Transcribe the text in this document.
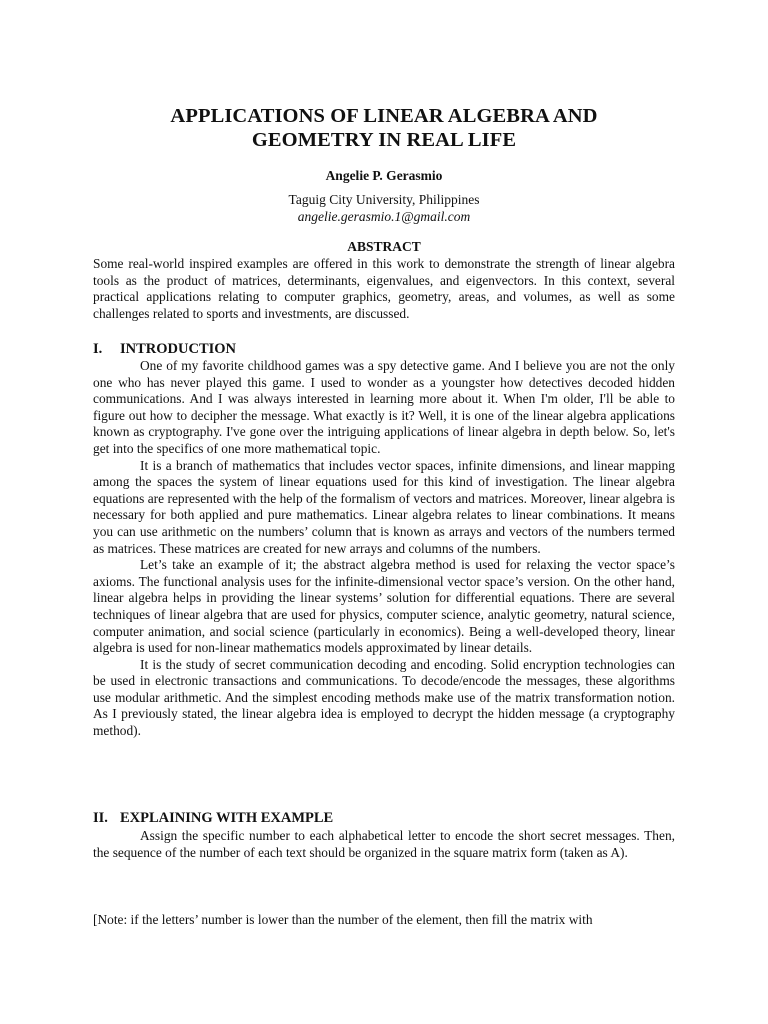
APPLICATIONS OF LINEAR ALGEBRA AND
GEOMETRY IN REAL LIFE
Angelie P. Gerasmio
Taguig City University, Philippines
angelie.gerasmio.1@gmail.com
ABSTRACT

Some real-world inspired examples are offered in this work to demonstrate the strength of linear algebra tools as the product of matrices, determinants, eigenvalues, and eigenvectors. In this context, several practical applications relating to computer graphics, geometry, areas, and volumes, as well as some challenges related to sports and investments, are discussed.

I. INTRODUCTION

One of my favorite childhood games was a spy detective game. And I believe you are not the only one who has never played this game. I used to wonder as a youngster how detectives decoded hidden communications. And I was always interested in learning more about it. When I'm older, I'll be able to figure out how to decipher the message. What exactly is it? Well, it is one of the linear algebra applications known as cryptography. I've gone over the intriguing applications of linear algebra in depth below. So, let's get into the specifics of one more mathematical topic.

It is a branch of mathematics that includes vector spaces, infinite dimensions, and linear mapping among the spaces the system of linear equations used for this kind of investigation. The linear algebra equations are represented with the help of the formalism of vectors and matrices. Moreover, linear algebra is necessary for both applied and pure mathematics. Linear algebra relates to linear combinations. It means you can use arithmetic on the numbers’ column that is known as arrays and vectors of the numbers termed as matrices. These matrices are created for new arrays and columns of the numbers.

Let’s take an example of it; the abstract algebra method is used for relaxing the vector space’s axioms. The functional analysis uses for the infinite-dimensional vector space’s version. On the other hand, linear algebra helps in providing the linear systems’ solution for differential equations. There are several techniques of linear algebra that are used for physics, computer science, analytic geometry, natural science, computer animation, and social science (particularly in economics). Being a well-developed theory, linear algebra is used for non-linear mathematics models approximated by linear details.

It is the study of secret communication decoding and encoding. Solid encryption technologies can be used in electronic transactions and communications. To decode/encode the messages, these algorithms use modular arithmetic. And the simplest encoding methods make use of the matrix transformation notion. As I previously stated, the linear algebra idea is employed to decrypt the hidden message (a cryptography method).

II. EXPLAINING WITH EXAMPLE

Assign the specific number to each alphabetical letter to encode the short secret messages. Then, the sequence of the number of each text should be organized in the square matrix form (taken as A).

[Note: if the letters’ number is lower than the number of the element, then fill the matrix with
